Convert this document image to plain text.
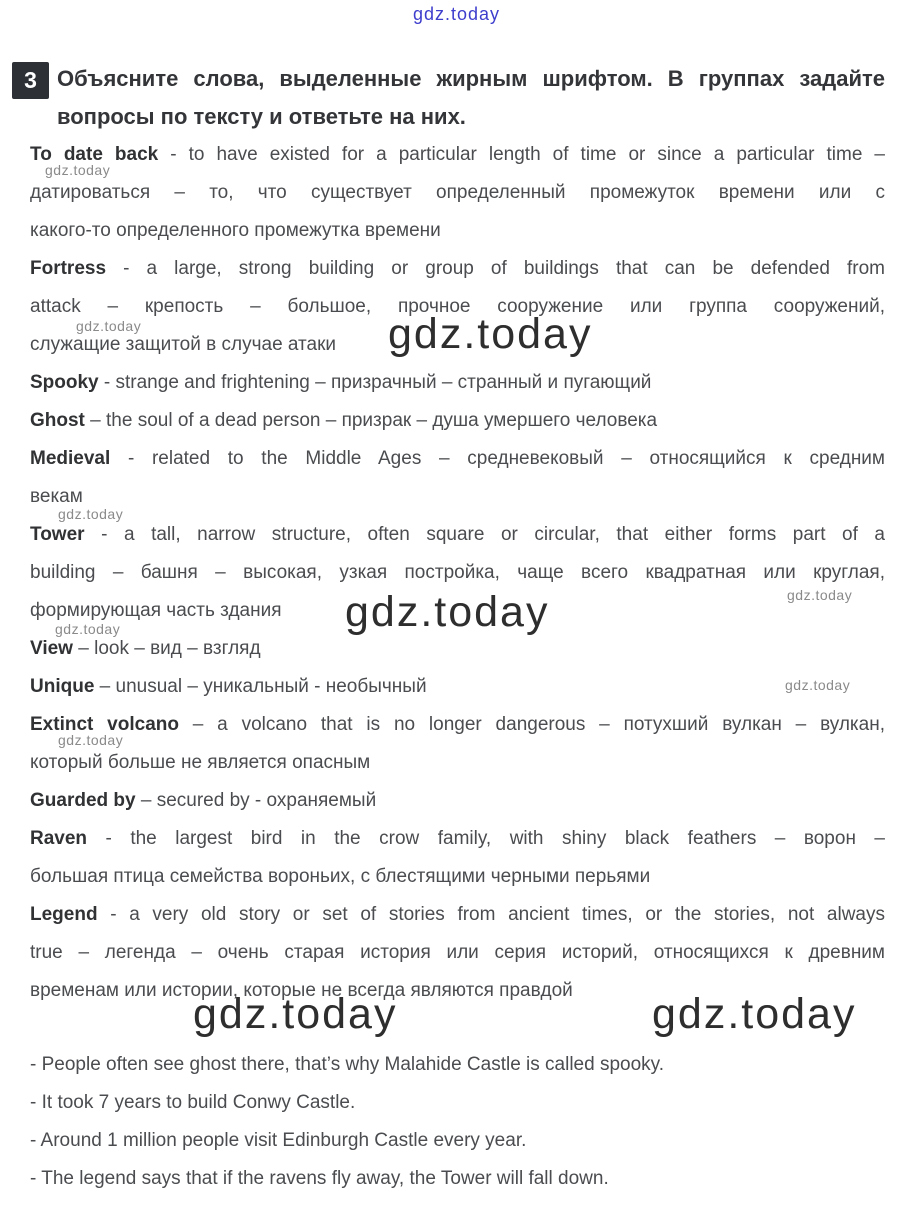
gdz.today
gdz.today
gdz.today	gdz.today
gdz.today
gdz.today
gdz.today
gdz.today
gdz.today
gdz.today
gdz.today	gdz.today
3 Объясните слова, выделенные жирным шрифтом. В группах задайте
вопросы по тексту и ответьте на них.
To date back - to have existed for a particular length of time or since a particular time –
датироваться – то, что существует определенный промежуток времени или с
какого-то определенного промежутка времени
Fortress - a large, strong building or group of buildings that can be defended from
attack – крепость – большое, прочное сооружение или группа сооружений,
служащие защитой в случае атаки
Spooky - strange and frightening – призрачный – странный и пугающий
Ghost – the soul of a dead person – призрак – душа умершего человека
Medieval - related to the Middle Ages – средневековый – относящийся к средним
векам
Tower - a tall, narrow structure, often square or circular, that either forms part of a
building – башня – высокая, узкая постройка, чаще всего квадратная или круглая,
формирующая часть здания
View – look – вид – взгляд
Unique – unusual – уникальный - необычный
Extinct volcano – a volcano that is no longer dangerous – потухший вулкан – вулкан,
который больше не является опасным
Guarded by – secured by - охраняемый
Raven - the largest bird in the crow family, with shiny black feathers – ворон –
большая птица семейства вороньих, с блестящими черными перьями
Legend - a very old story or set of stories from ancient times, or the stories, not always
true – легенда – очень старая история или серия историй, относящихся к древним
временам или истории, которые не всегда являются правдой
- People often see ghost there, that’s why Malahide Castle is called spooky.
- It took 7 years to build Conwy Castle.
- Around 1 million people visit Edinburgh Castle every year.
- The legend says that if the ravens fly away, the Tower will fall down.
